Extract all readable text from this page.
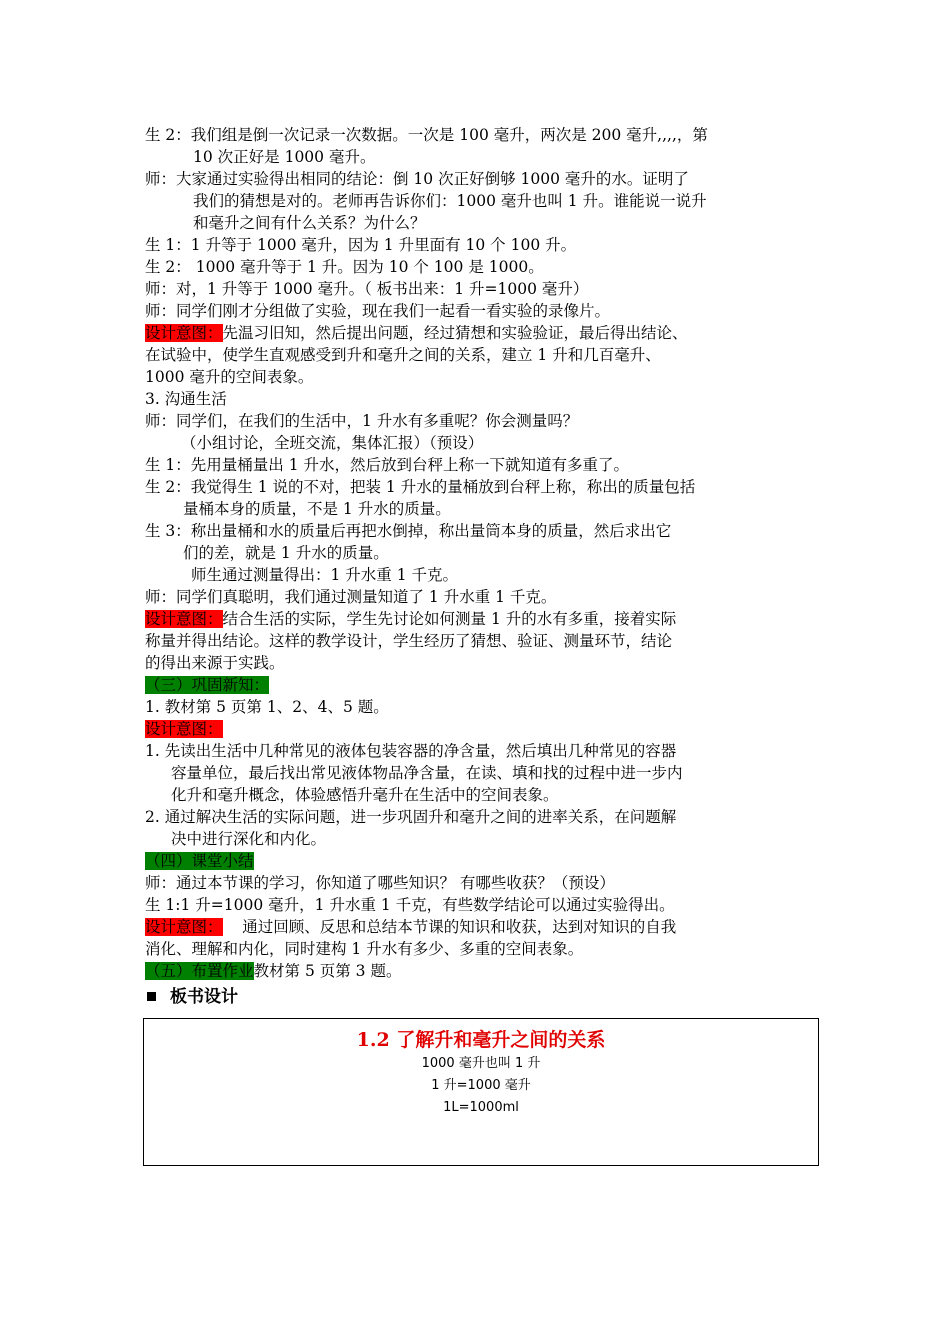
生 2：我们组是倒一次记录一次数据。一次是 100 毫升，两次是 200 毫升,,,,，第
10 次正好是 1000 毫升。
师：大家通过实验得出相同的结论：倒 10 次正好倒够 1000 毫升的水。证明了
我们的猜想是对的。老师再告诉你们：1000 毫升也叫 1 升。谁能说一说升
和毫升之间有什么关系？为什么？
生 1：1 升等于 1000 毫升，因为 1 升里面有 10 个 100 升。
生 2： 1000 毫升等于 1 升。因为 10 个 100 是 1000。
师：对，1 升等于 1000 毫升。（ 板书出来：1 升=1000 毫升）
师：同学们刚才分组做了实验，现在我们一起看一看实验的录像片。
设计意图：先温习旧知，然后提出问题，经过猜想和实验验证，最后得出结论、
在试验中，使学生直观感受到升和毫升之间的关系，建立 1 升和几百毫升、
1000 毫升的空间表象。
3. 沟通生活
师：同学们，在我们的生活中，1 升水有多重呢？你会测量吗？
（小组讨论，全班交流，集体汇报）（预设）
生 1：先用量桶量出 1 升水，然后放到台秤上称一下就知道有多重了。
生 2：我觉得生 1 说的不对，把装 1 升水的量桶放到台秤上称，称出的质量包括
量桶本身的质量，不是 1 升水的质量。
生 3：称出量桶和水的质量后再把水倒掉，称出量筒本身的质量，然后求出它
们的差，就是 1 升水的质量。
师生通过测量得出：1 升水重 1 千克。
师：同学们真聪明，我们通过测量知道了 1 升水重 1 千克。
设计意图：结合生活的实际，学生先讨论如何测量 1 升的水有多重，接着实际
称量并得出结论。这样的教学设计，学生经历了猜想、验证、测量环节，结论
的得出来源于实践。
（三）巩固新知：
1. 教材第 5 页第 1、2、4、5 题。
设计意图：
1. 先读出生活中几种常见的液体包装容器的净含量，然后填出几种常见的容器
容量单位，最后找出常见液体物品净含量，在读、填和找的过程中进一步内
化升和毫升概念，体验感悟升毫升在生活中的空间表象。
2. 通过解决生活的实际问题，进一步巩固升和毫升之间的进率关系，在问题解
决中进行深化和内化。
（四）课堂小结
师：通过本节课的学习，你知道了哪些知识？ 有哪些收获？（预设）
生 1:1 升=1000 毫升，1 升水重 1 千克，有些数学结论可以通过实验得出。
设计意图：    通过回顾、反思和总结本节课的知识和收获，达到对知识的自我
消化、理解和内化，同时建构 1 升水有多少、多重的空间表象。
（五）布置作业教材第 5 页第 3 题。
板书设计
1.2 了解升和毫升之间的关系
1000 毫升也叫 1 升
1 升=1000 毫升
1L=1000ml
